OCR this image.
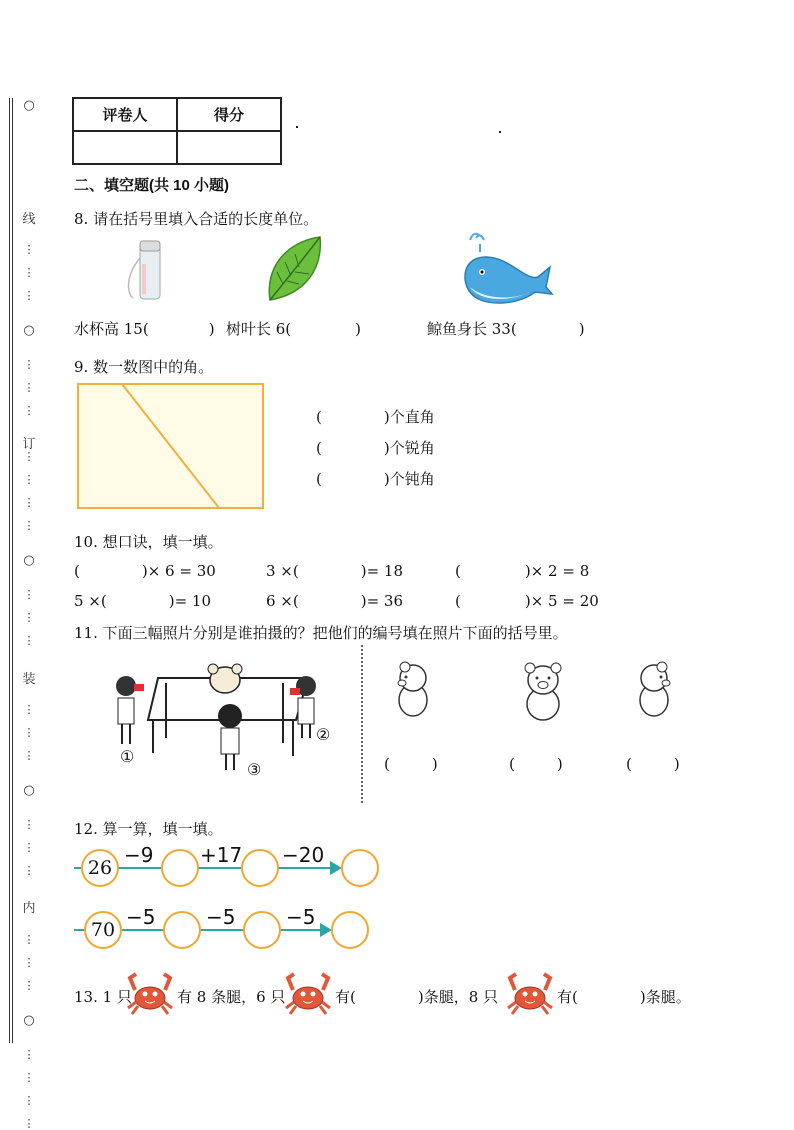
⋮
⋮
⋮
⋮
⋮
⋮
⋮
⋮
⋮
⋮
⋮
⋮
⋮
⋮
⋮
⋮
⋮
⋮
⋮
⋮
⋮
⋮
⋮
⋮
⋮
⋮
○
○
○
○
○
线
订
装
内
评卷人	得分

二、填空题(共 10 小题)
8. 请在括号里填入合适的长度单位。
水杯高 15(	) 树叶长 6(	)	鲸鱼身长 33(	)
9. 数一数图中的角。
(	)个直角
(	)个锐角
(	)个钝角
10. 想口诀，填一填。
(	)× 6 = 30	3 ×(	)= 18	(	)× 2 = 8
5 ×(	)= 10	6 ×(	)= 36	(	)× 5 = 20
11. 下面三幅照片分别是谁拍摄的？把他们的编号填在照片下面的括号里。
①
②
③	(	)	(	)	(	)
12. 算一算，填一填。
26
−9 +17 −20
70
−5	−5	−5
13. 1 只	有 8 条腿，6 只	有(	)条腿，8 只	有(	)条腿。
